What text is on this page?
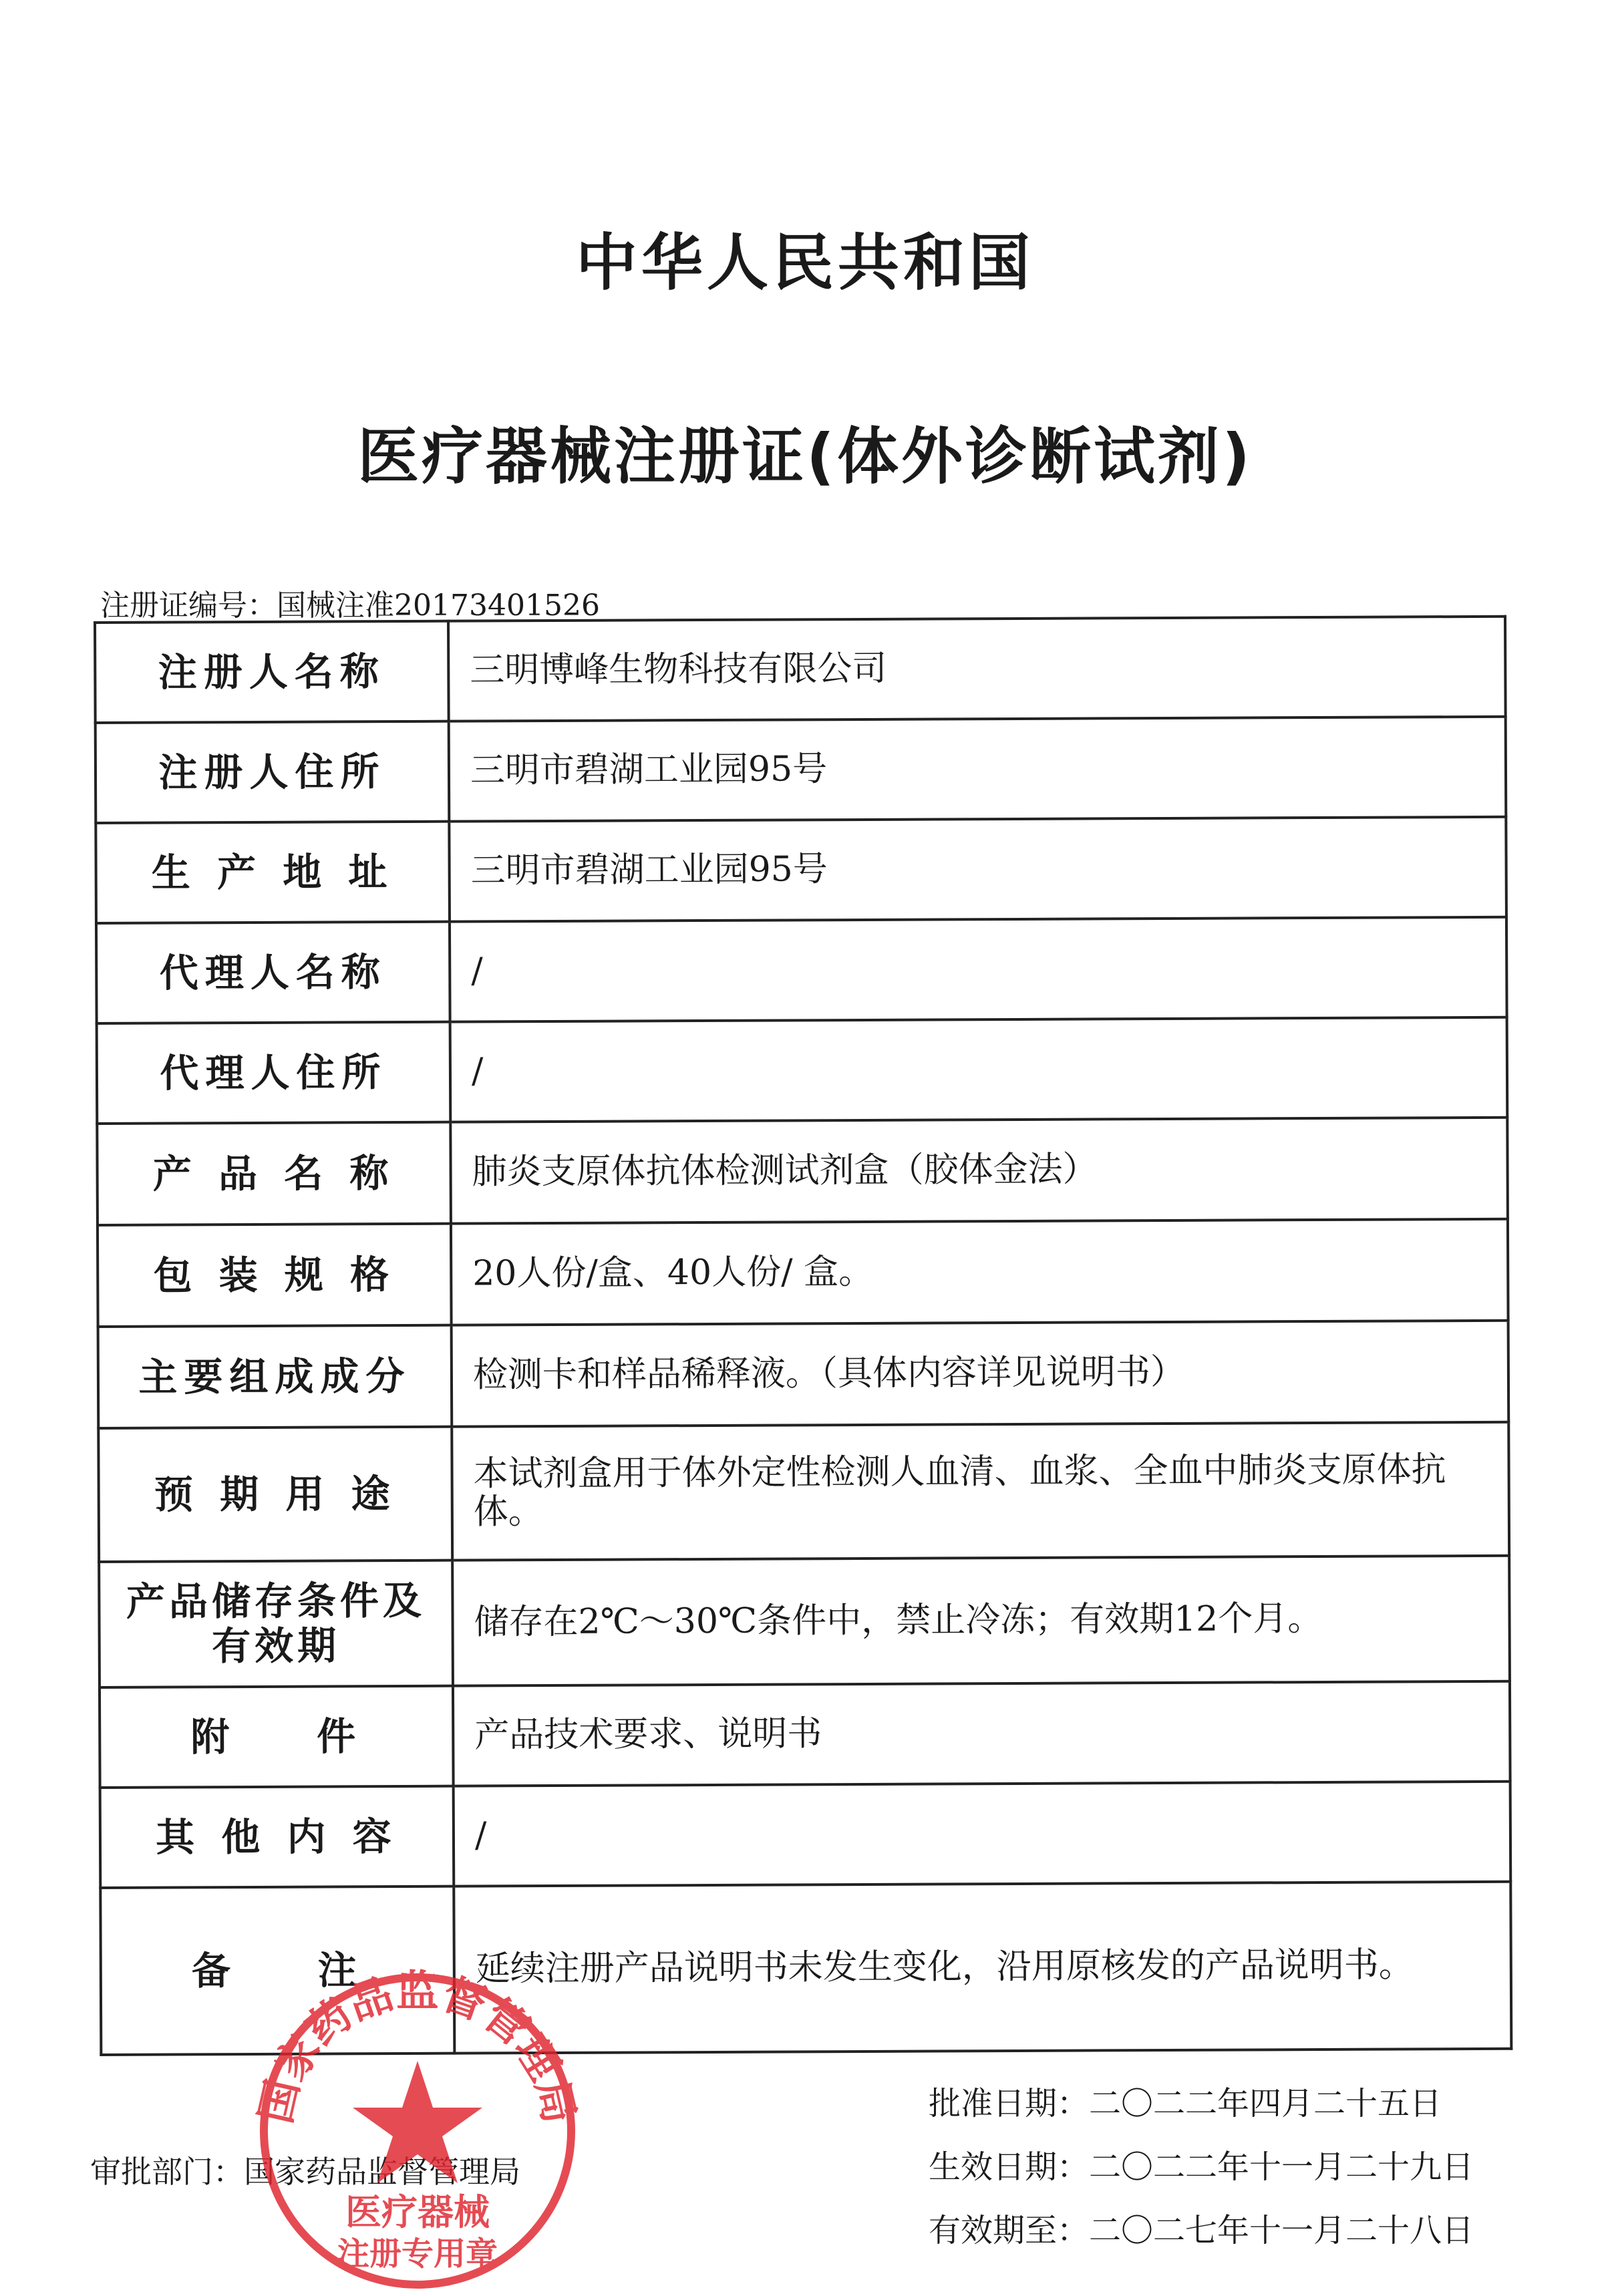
中华人民共和国
医疗器械注册证(体外诊断试剂)
注册证编号：国械注准20173401526
注册人名称	三明博峰生物科技有限公司
注册人住所	三明市碧湖工业园95号
生 产 地 址	三明市碧湖工业园95号
代理人名称	/
代理人住所	/
产 品 名 称	肺炎支原体抗体检测试剂盒（胶体金法）
包 装 规 格	20人份/盒、40人份/ 盒。
主要组成成分	检测卡和样品稀释液。（具体内容详见说明书）
预 期 用 途	本试剂盒用于体外定性检测人血清、血浆、全血中肺炎支原体抗体。
产品储存条件及有效期	储存在2℃～30℃条件中，禁止冷冻；有效期12个月。
附    件	产品技术要求、说明书
其 他 内 容	/
备    注	延续注册产品说明书未发生变化，沿用原核发的产品说明书。
审批部门：国家药品监督管理局
批准日期：二〇二二年四月二十五日
生效日期：二〇二二年十一月二十九日
有效期至：二〇二七年十一月二十八日
国家药品监督管理局
医疗器械
注册专用章
